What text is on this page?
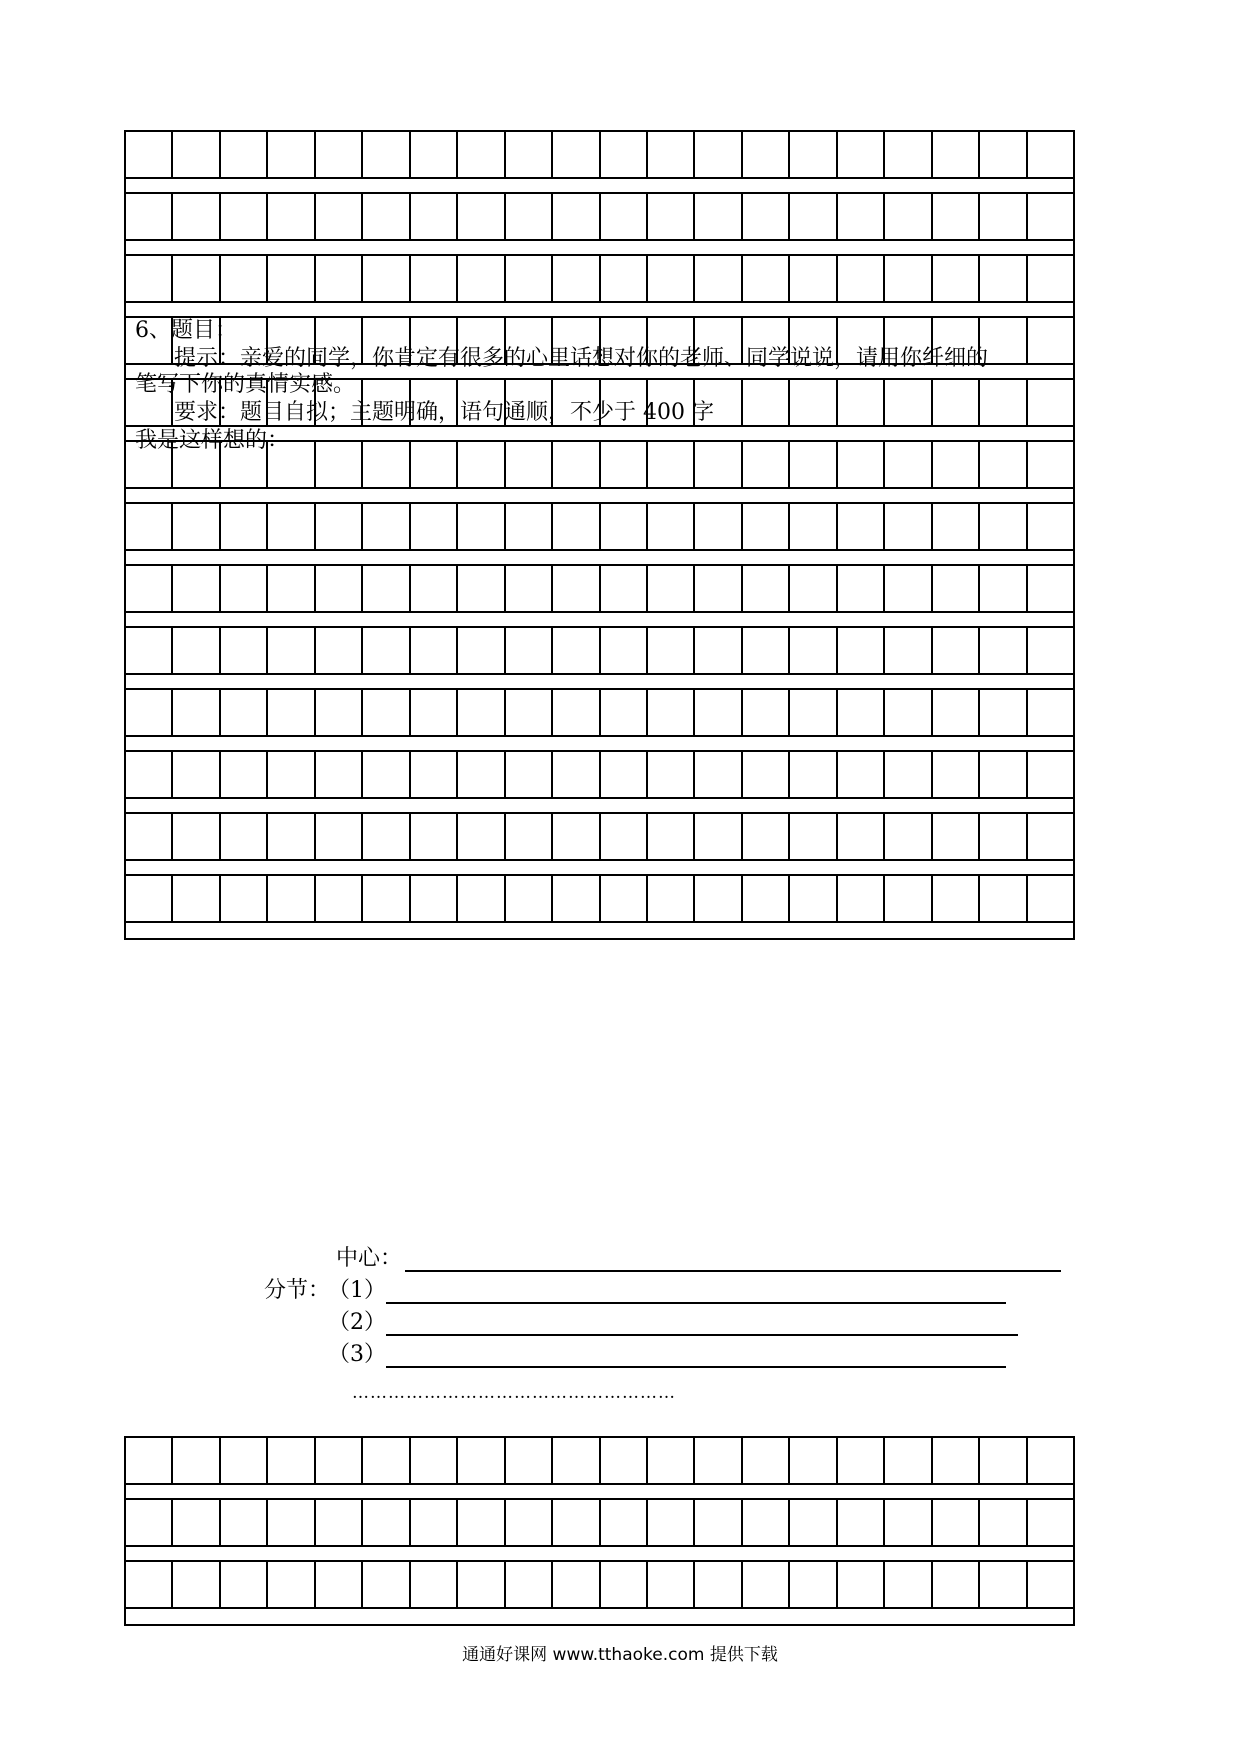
6、题目：
提示：亲爱的同学，你肯定有很多的心里话想对你的老师、同学说说，请用你纤细的
笔写下你的真情实感。
要求：题目自拟；主题明确，语句通顺，不少于 400 字
我是这样想的：
中心：
分节：
（1）
（2）
（3）
………………………………………………
通通好课网 www.tthaoke.com 提供下载
